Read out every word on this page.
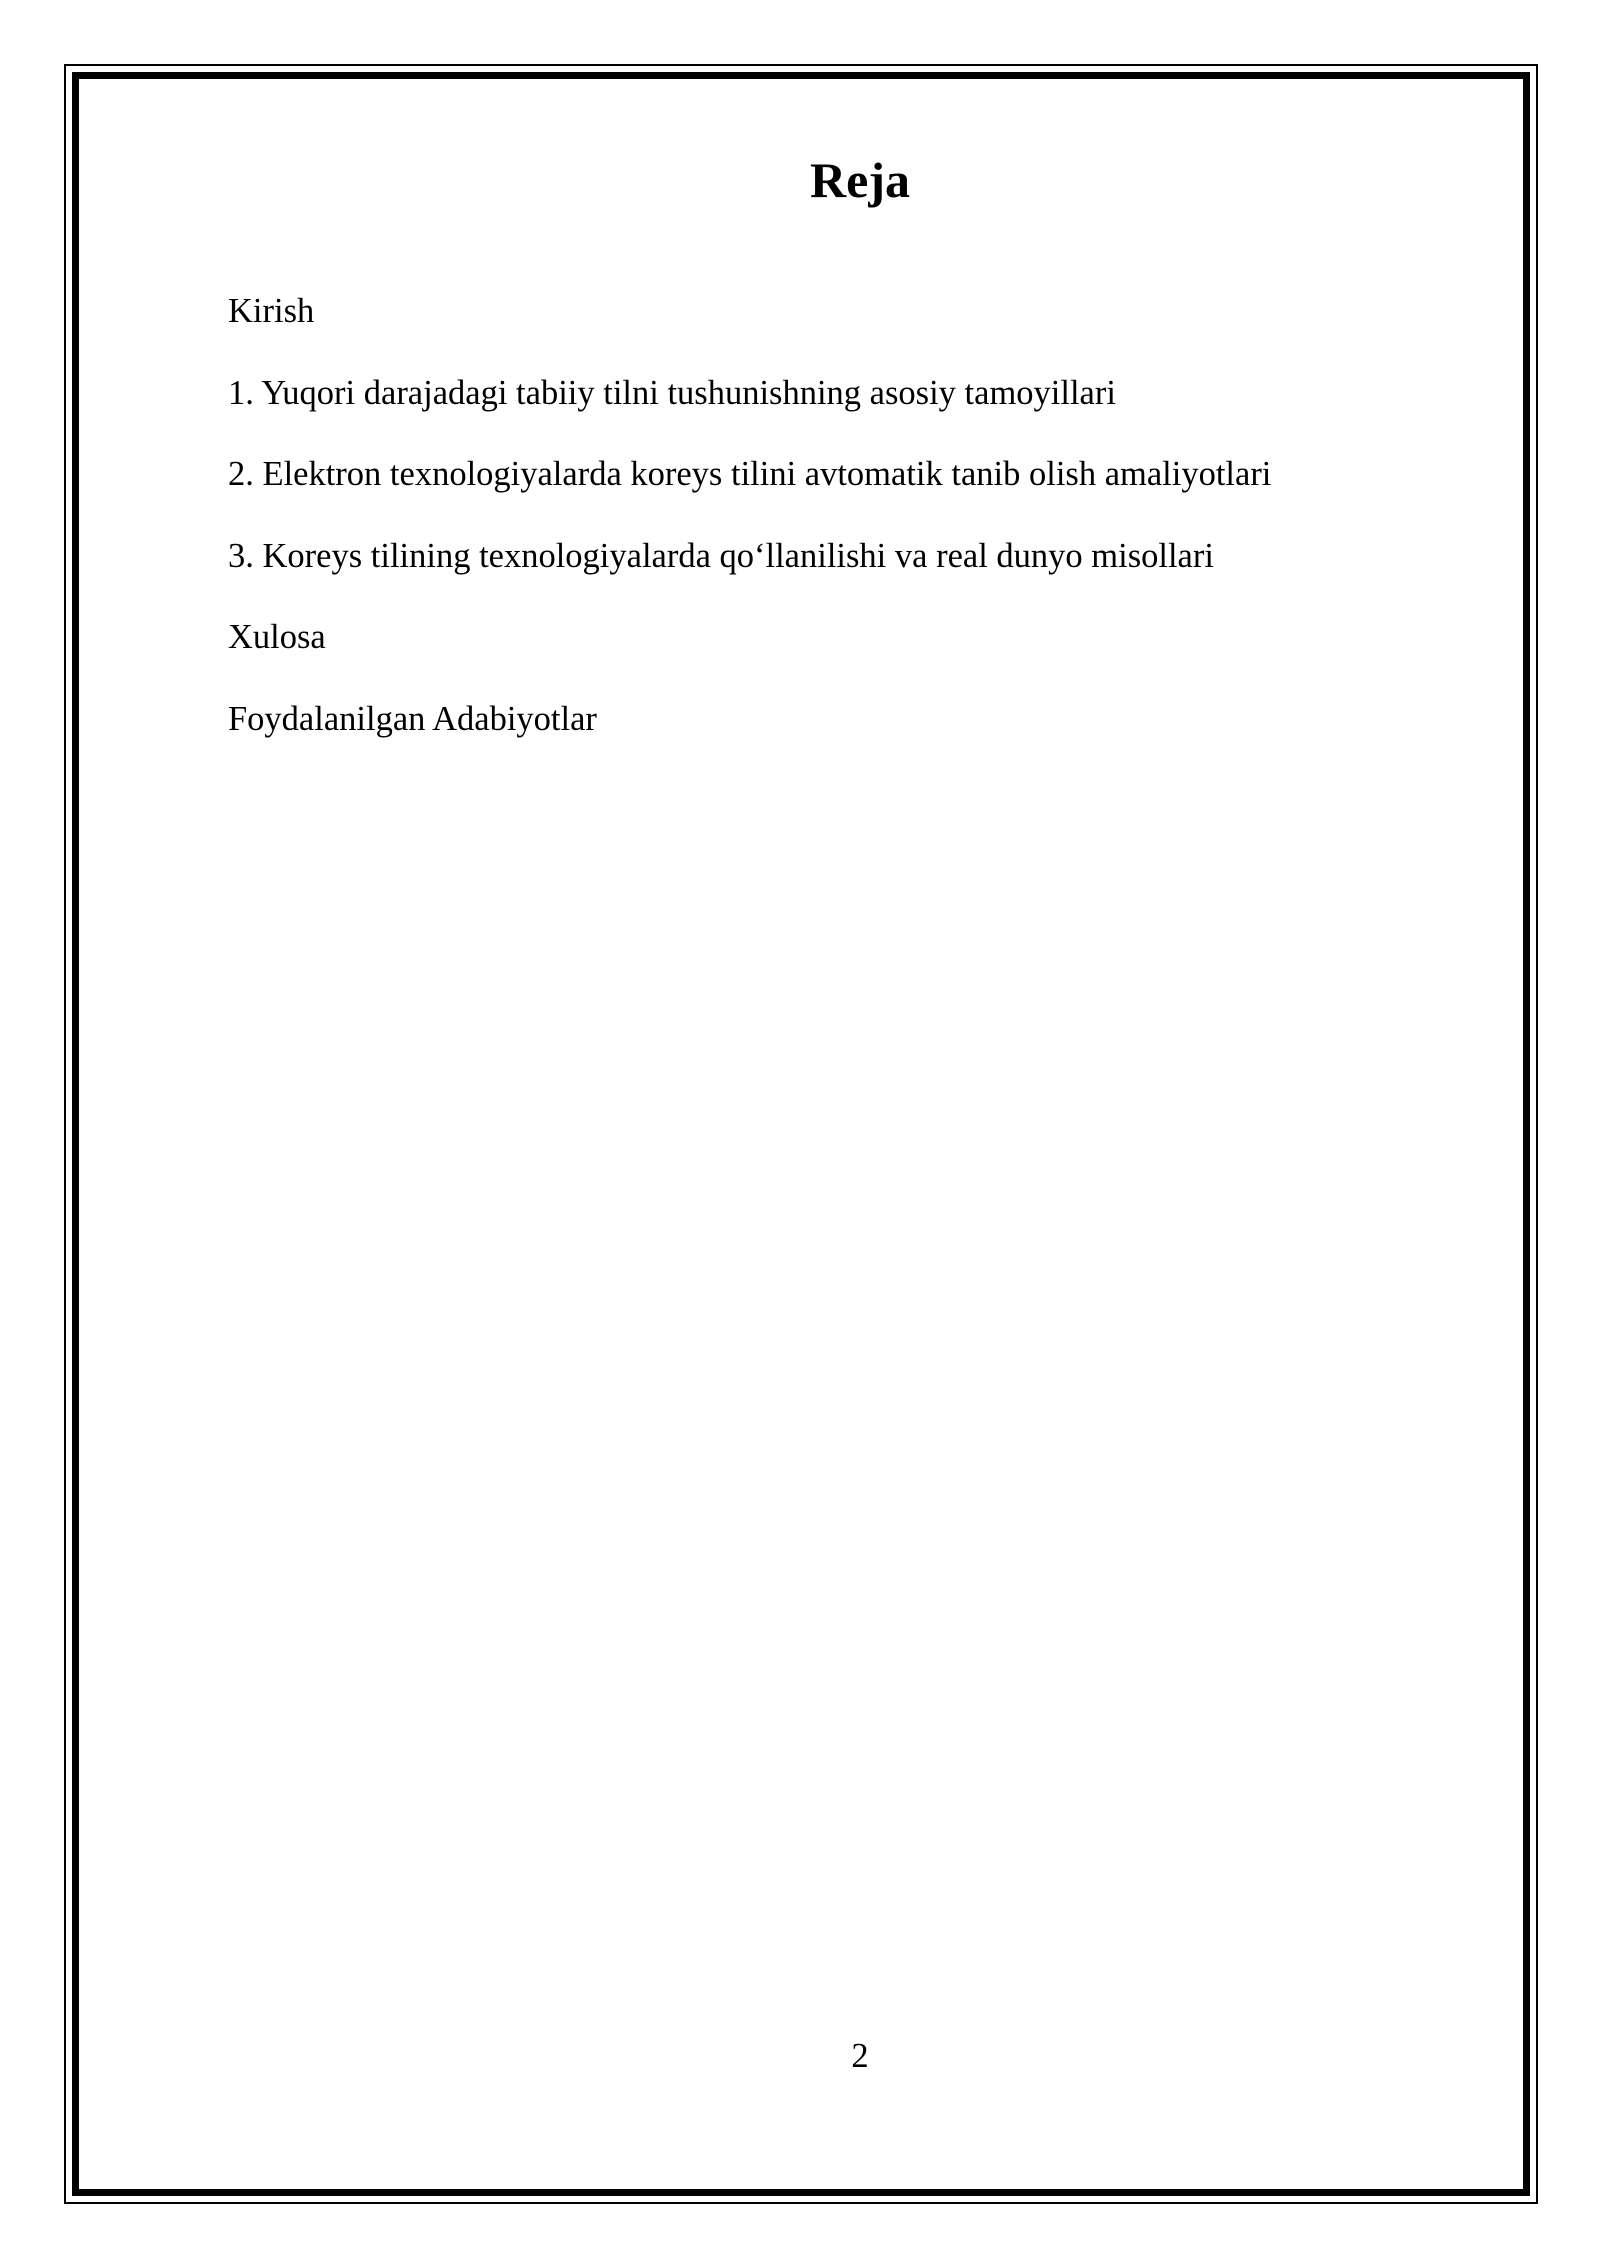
Reja
Kirish
1. Yuqori darajadagi tabiiy tilni tushunishning asosiy tamoyillari
2. Elektron texnologiyalarda koreys tilini avtomatik tanib olish amaliyotlari
3. Koreys tilining texnologiyalarda qo‘llanilishi va real dunyo misollari
Xulosa
Foydalanilgan Adabiyotlar
2
